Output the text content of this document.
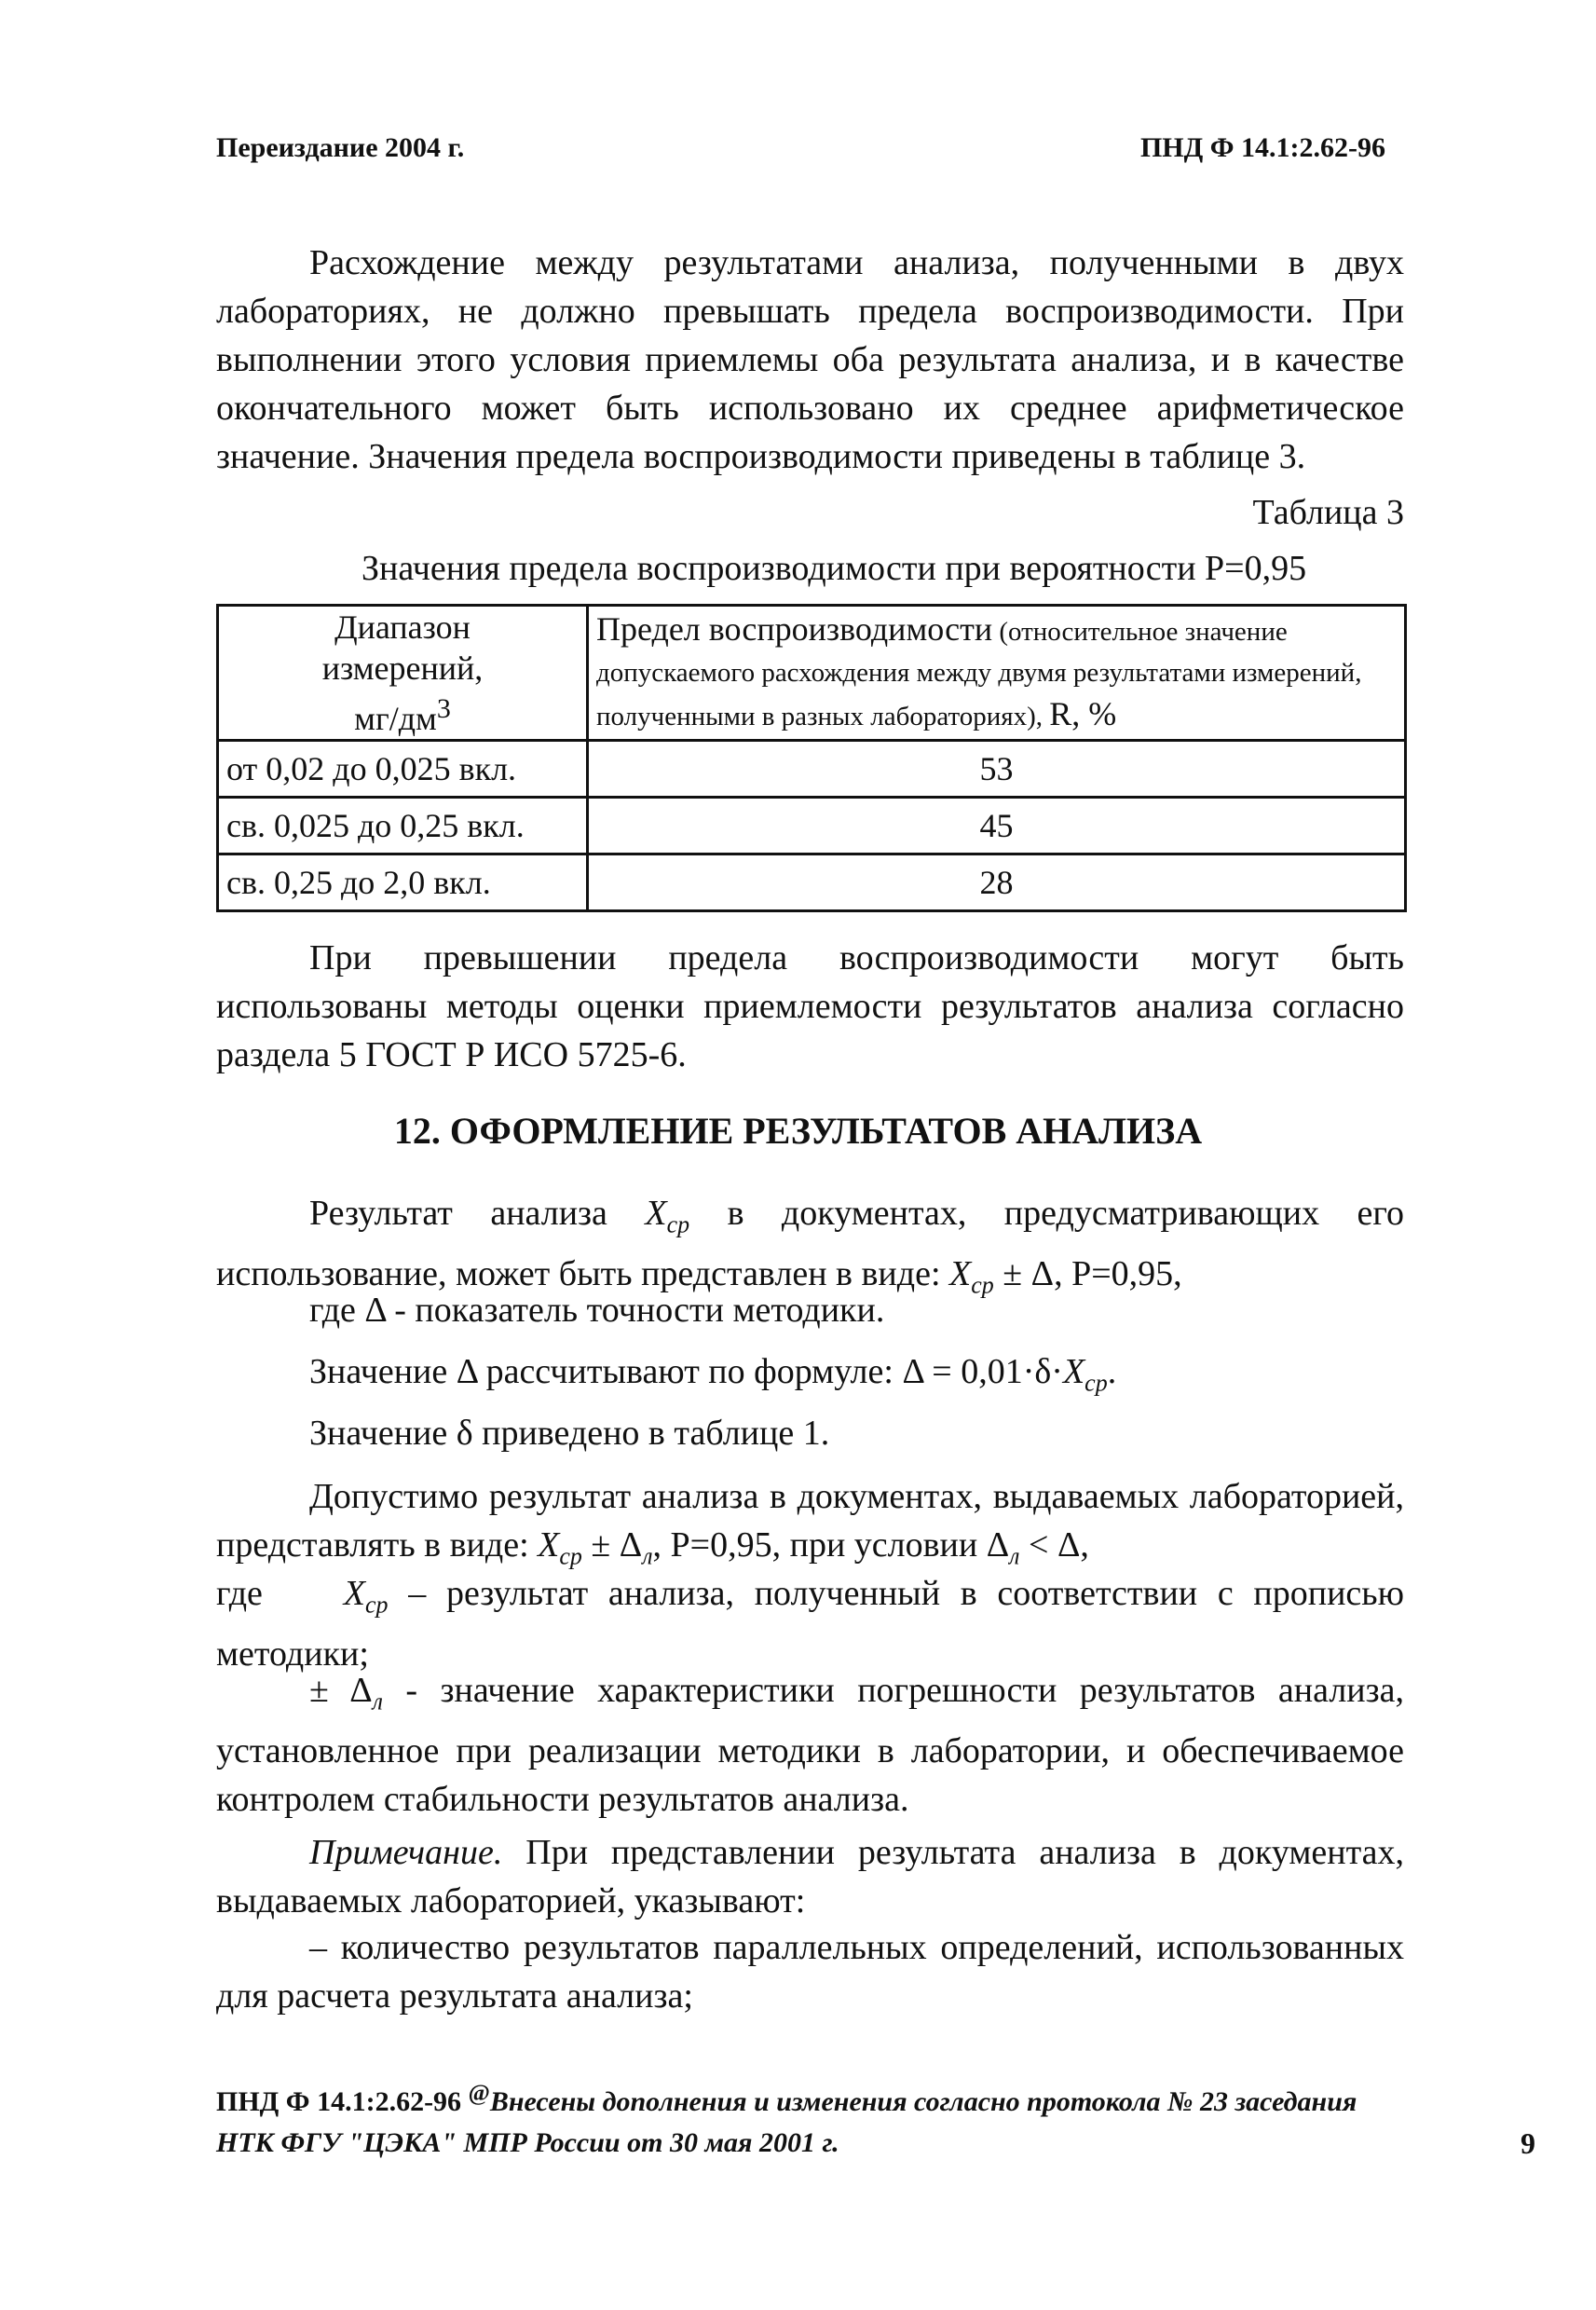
Переиздание 2004 г.	ПНД Ф 14.1:2.62-96

Расхождение между результатами анализа, полученными в двух лабораториях, не должно превышать предела воспроизводимости. При выполнении этого условия приемлемы оба результата анализа, и в качестве окончательного может быть использовано их среднее арифметическое значение. Значения предела воспроизводимости приведены в таблице 3.

Таблица 3
Значения предела воспроизводимости при вероятности P=0,95
Диапазон
измерений,
$мг/дм^3$	Предел воспроизводимости (относительное значение допускаемого расхождения между двумя результатами измерений, полученными в разных лабораториях), R, %
от 0,02 до 0,025 вкл.	53
св. 0,025 до 0,25 вкл.	45
св. 0,25 до 2,0 вкл.	28

При превышении предела воспроизводимости могут быть использованы методы оценки приемлемости результатов анализа согласно раздела 5 ГОСТ Р ИСО 5725-6.

12. ОФОРМЛЕНИЕ РЕЗУЛЬТАТОВ АНАЛИЗА

Результат анализа $X_{ср}$ в документах, предусматривающих его использование, может быть представлен в виде: $X_{ср} \pm \Delta$, P=0,95,

где Δ - показатель точности методики.

Значение Δ рассчитывают по формуле: $\Delta = 0,01\cdot\delta\cdot X_{ср}$.

Значение δ приведено в таблице 1.

Допустимо результат анализа в документах, выдаваемых лабораторией, представлять в виде: $X_{ср} \pm \Delta_л$, P=0,95, при условии $\Delta_л < \Delta$,

где $X_{ср}$ – результат анализа, полученный в соответствии с прописью методики;

± $\Delta_л$ - значение характеристики погрешности результатов анализа, установленное при реализации методики в лаборатории, и обеспечиваемое контролем стабильности результатов анализа.

Примечание. При представлении результата анализа в документах, выдаваемых лабораторией, указывают:

– количество результатов параллельных определений, использованных для расчета результата анализа;

ПНД Ф 14.1:2.62-96 @Внесены дополнения и изменения согласно протокола № 23 заседания НТК ФГУ "ЦЭКА" МПР России от 30 мая 2001 г.	9
